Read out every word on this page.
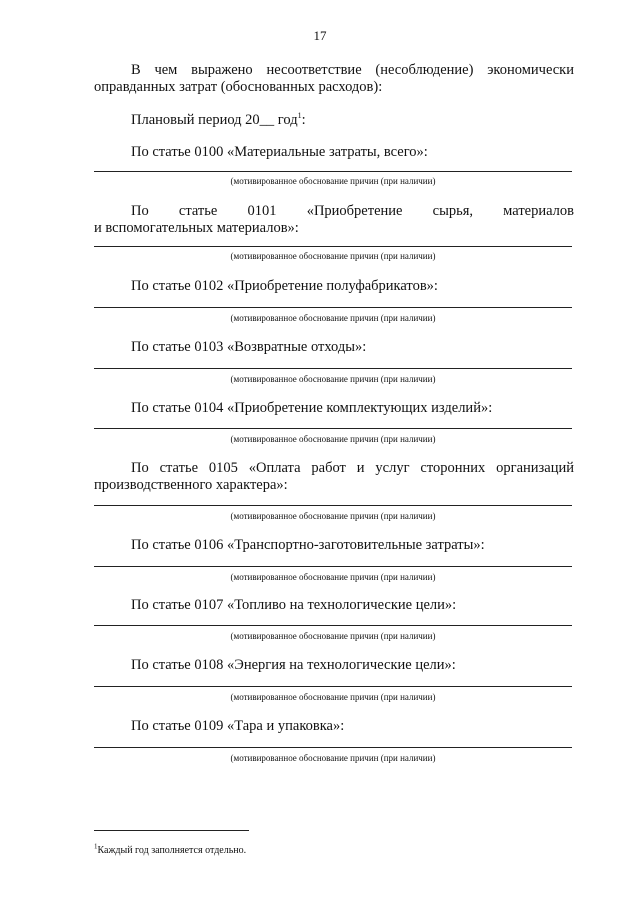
17
В чем выражено несоответствие (несоблюдение) экономически
оправданных затрат (обоснованных расходов):
Плановый период 20__ год$^1$:
По статье 0100 «Материальные затраты, всего»:
(мотивированное обоснование причин (при наличии)
По статье 0101 «Приобретение сырья, материалов
и вспомогательных материалов»:
(мотивированное обоснование причин (при наличии)
По статье 0102 «Приобретение полуфабрикатов»:
(мотивированное обоснование причин (при наличии)
По статье 0103 «Возвратные отходы»:
(мотивированное обоснование причин (при наличии)
По статье 0104 «Приобретение комплектующих изделий»:
(мотивированное обоснование причин (при наличии)
По статье 0105 «Оплата работ и услуг сторонних организаций
производственного характера»:
(мотивированное обоснование причин (при наличии)
По статье 0106 «Транспортно-заготовительные затраты»:
(мотивированное обоснование причин (при наличии)
По статье 0107 «Топливо на технологические цели»:
(мотивированное обоснование причин (при наличии)
По статье 0108 «Энергия на технологические цели»:
(мотивированное обоснование причин (при наличии)
По статье 0109 «Тара и упаковка»:
(мотивированное обоснование причин (при наличии)
$^1$Каждый год заполняется отдельно.
